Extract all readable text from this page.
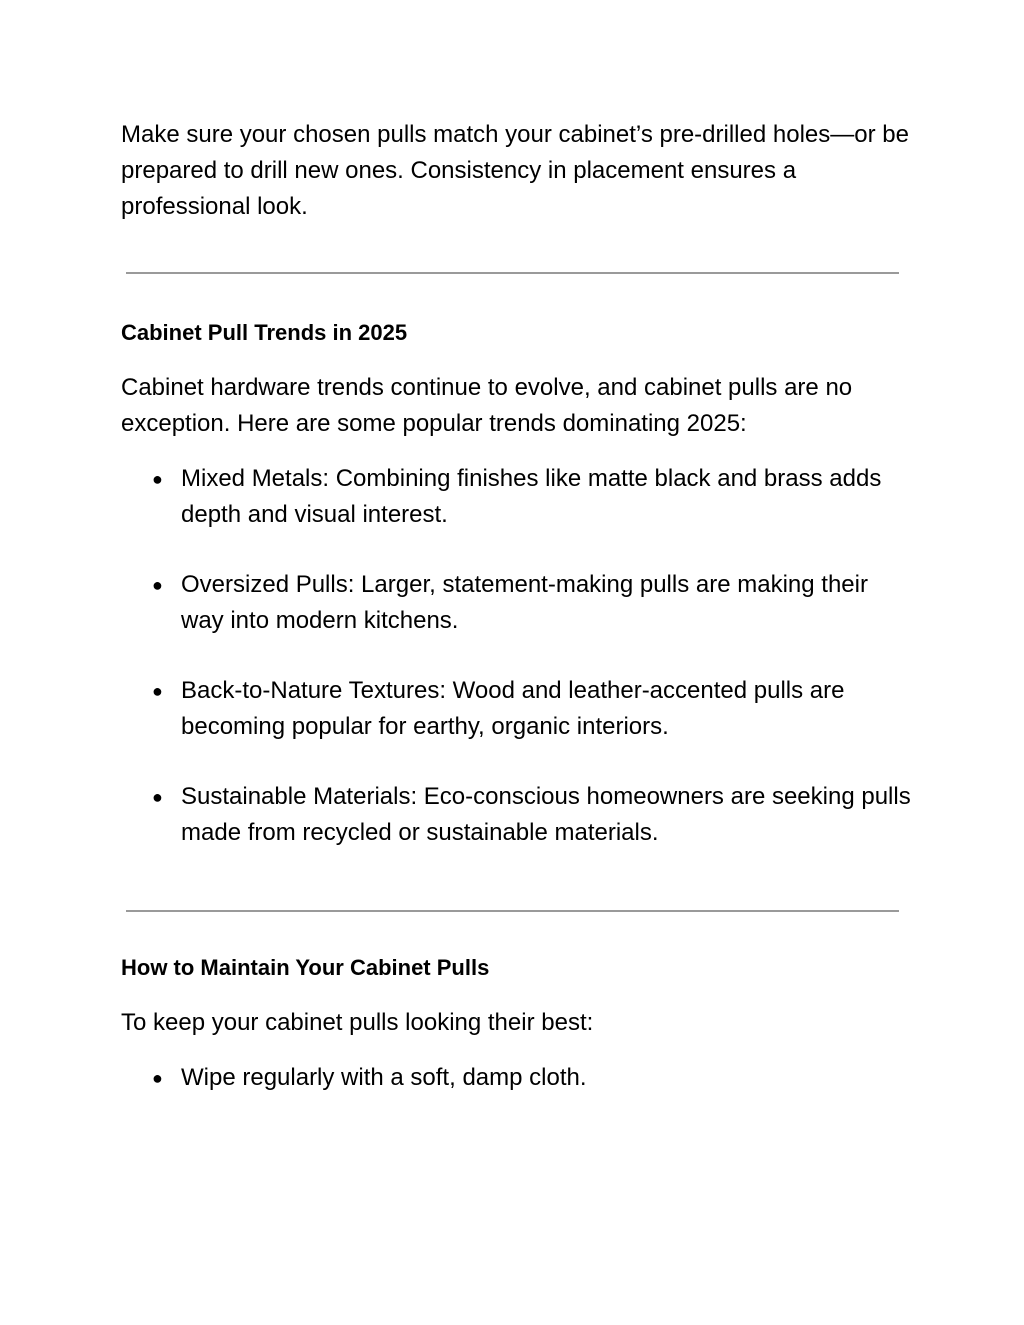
Make sure your chosen pulls match your cabinet’s pre-drilled holes—or be prepared to drill new ones. Consistency in placement ensures a professional look.

Cabinet Pull Trends in 2025

Cabinet hardware trends continue to evolve, and cabinet pulls are no exception. Here are some popular trends dominating 2025:

● Mixed Metals: Combining finishes like matte black and brass adds depth and visual interest.
● Oversized Pulls: Larger, statement-making pulls are making their way into modern kitchens.
● Back-to-Nature Textures: Wood and leather-accented pulls are becoming popular for earthy, organic interiors.
● Sustainable Materials: Eco-conscious homeowners are seeking pulls made from recycled or sustainable materials.
How to Maintain Your Cabinet Pulls

To keep your cabinet pulls looking their best:

● Wipe regularly with a soft, damp cloth.
